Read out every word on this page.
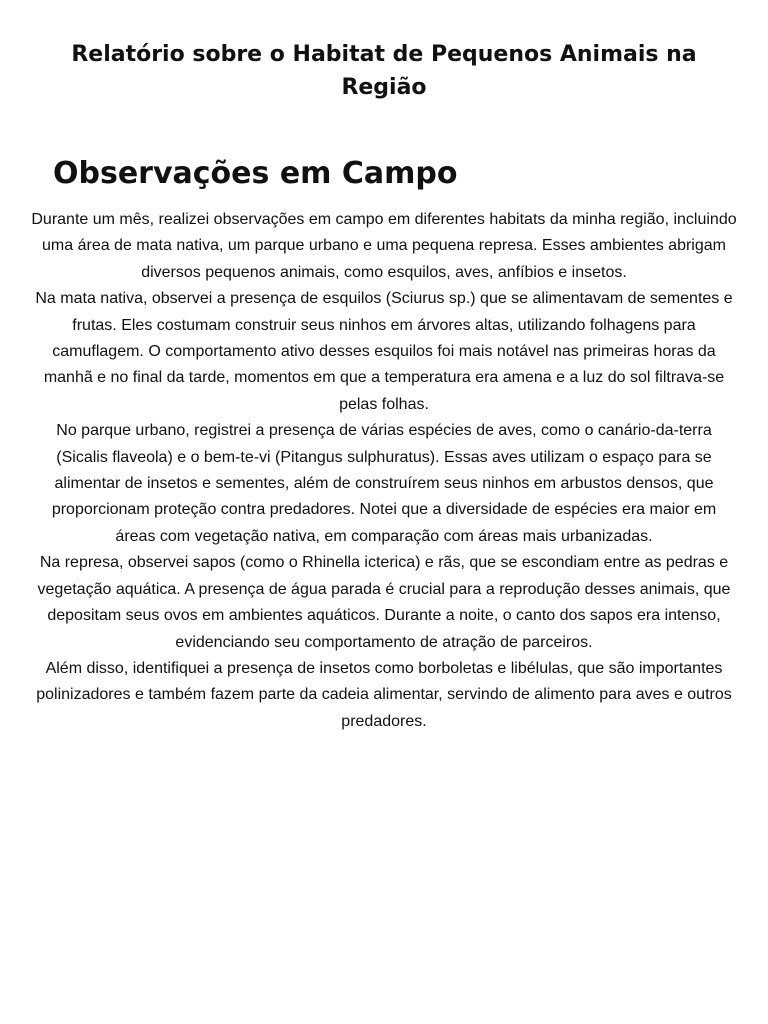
Relatório sobre o Habitat de Pequenos Animais na Região
Observações em Campo

Durante um mês, realizei observações em campo em diferentes habitats da minha região, incluindo uma área de mata nativa, um parque urbano e uma pequena represa. Esses ambientes abrigam diversos pequenos animais, como esquilos, aves, anfíbios e insetos.

Na mata nativa, observei a presença de esquilos (Sciurus sp.) que se alimentavam de sementes e frutas. Eles costumam construir seus ninhos em árvores altas, utilizando folhagens para camuflagem. O comportamento ativo desses esquilos foi mais notável nas primeiras horas da manhã e no final da tarde, momentos em que a temperatura era amena e a luz do sol filtrava-se pelas folhas.

No parque urbano, registrei a presença de várias espécies de aves, como o canário-da-terra (Sicalis flaveola) e o bem-te-vi (Pitangus sulphuratus). Essas aves utilizam o espaço para se alimentar de insetos e sementes, além de construírem seus ninhos em arbustos densos, que proporcionam proteção contra predadores. Notei que a diversidade de espécies era maior em áreas com vegetação nativa, em comparação com áreas mais urbanizadas.

Na represa, observei sapos (como o Rhinella icterica) e rãs, que se escondiam entre as pedras e vegetação aquática. A presença de água parada é crucial para a reprodução desses animais, que depositam seus ovos em ambientes aquáticos. Durante a noite, o canto dos sapos era intenso, evidenciando seu comportamento de atração de parceiros.

Além disso, identifiquei a presença de insetos como borboletas e libélulas, que são importantes polinizadores e também fazem parte da cadeia alimentar, servindo de alimento para aves e outros predadores.
